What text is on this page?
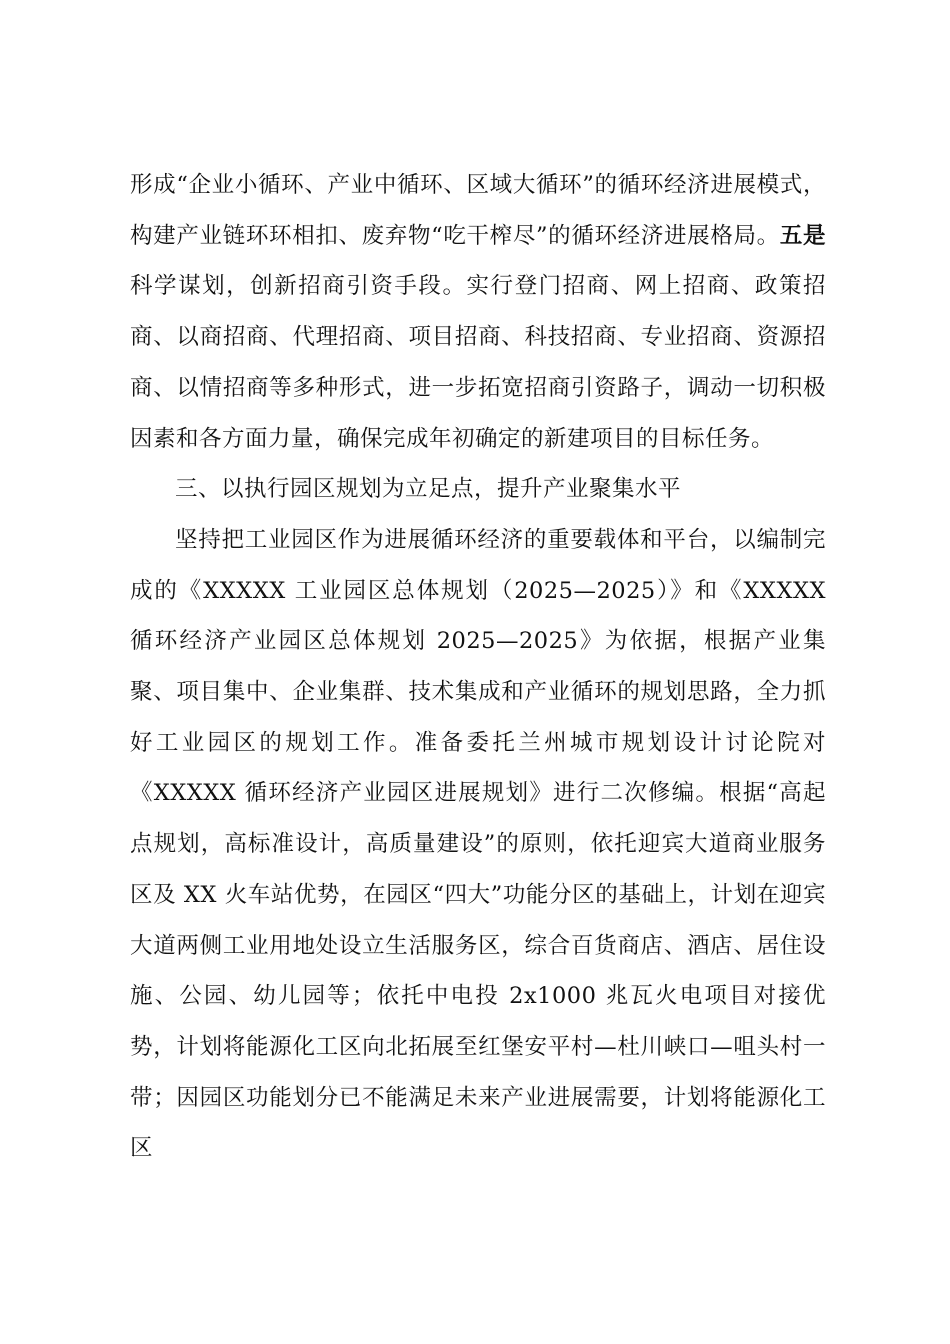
形成“企业小循环、产业中循环、区域大循环”的循环经济进展模式，构建产业链环环相扣、废弃物“吃干榨尽”的循环经济进展格局。五是科学谋划，创新招商引资手段。实行登门招商、网上招商、政策招商、以商招商、代理招商、项目招商、科技招商、专业招商、资源招商、以情招商等多种形式，进一步拓宽招商引资路子，调动一切积极因素和各方面力量，确保完成年初确定的新建项目的目标任务。

三、以执行园区规划为立足点，提升产业聚集水平

坚持把工业园区作为进展循环经济的重要载体和平台，以编制完成的《XXXXX 工业园区总体规划（2025—2025）》和《XXXXX 循环经济产业园区总体规划 2025—2025》为依据，根据产业集聚、项目集中、企业集群、技术集成和产业循环的规划思路，全力抓好工业园区的规划工作。准备委托兰州城市规划设计讨论院对《XXXXX 循环经济产业园区进展规划》进行二次修编。根据“高起点规划，高标准设计，高质量建设”的原则，依托迎宾大道商业服务区及 XX 火车站优势，在园区“四大”功能分区的基础上，计划在迎宾大道两侧工业用地处设立生活服务区，综合百货商店、酒店、居住设施、公园、幼儿园等；依托中电投 2x1000 兆瓦火电项目对接优势，计划将能源化工区向北拓展至红堡安平村—杜川峡口—咀头村一带；因园区功能划分已不能满足未来产业进展需要，计划将能源化工区
